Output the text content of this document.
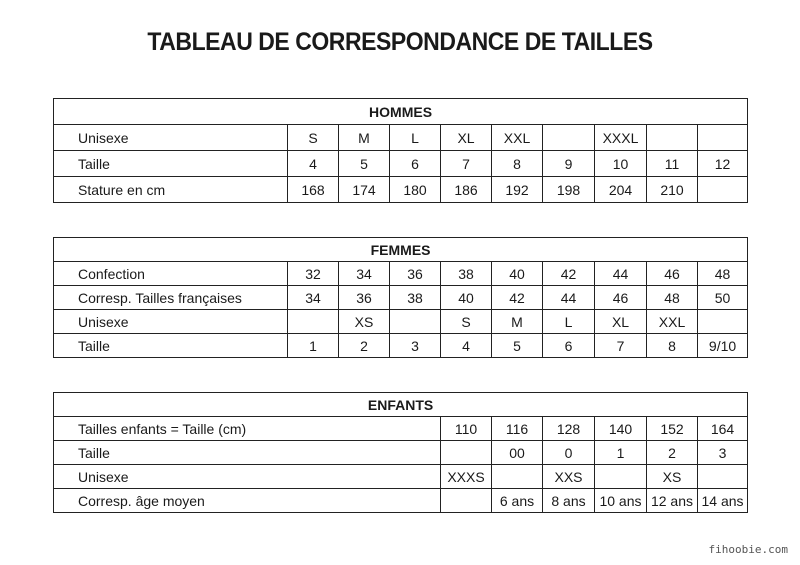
TABLEAU DE CORRESPONDANCE DE TAILLES
HOMMES									
Unisexe	S	M	L	XL	XXL		XXXL		
Taille	4	5	6	7	8	9	10	11	12
Stature en cm	168	174	180	186	192	198	204	210	
FEMMES									
Confection	32	34	36	38	40	42	44	46	48
Corresp. Tailles françaises	34	36	38	40	42	44	46	48	50
Unisexe		XS		S	M	L	XL	XXL	
Taille	1	2	3	4	5	6	7	8	9/10
ENFANTS						
Tailles enfants = Taille (cm)	110	116	128	140	152	164
Taille		00	0	1	2	3
Unisexe	XXXS		XXS		XS	
Corresp. âge moyen		6 ans	8 ans	10 ans	12 ans	14 ans
fihoobie.com
